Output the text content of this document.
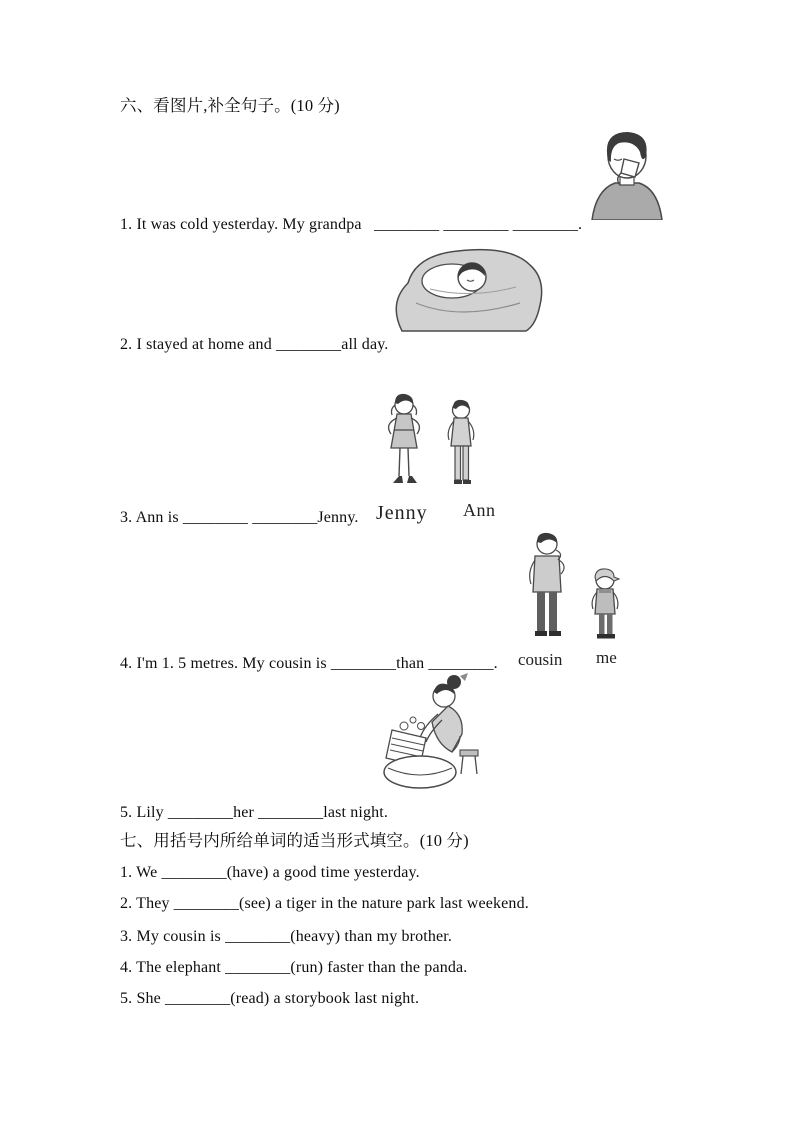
六、看图片,补全句子。(10 分)
1. It was cold yesterday. My grandpa   ________ ________ ________.
2. I stayed at home and ________all day.
Jenny Ann
3. Ann is ________ ________Jenny.
cousin me
4. I'm 1. 5 metres. My cousin is ________than ________.
5. Lily ________her ________last night.
七、用括号内所给单词的适当形式填空。(10 分)
1. We ________(have) a good time yesterday.
2. They ________(see) a tiger in the nature park last weekend.
3. My cousin is ________(heavy) than my brother.
4. The elephant ________(run) faster than the panda.
5. She ________(read) a storybook last night.
